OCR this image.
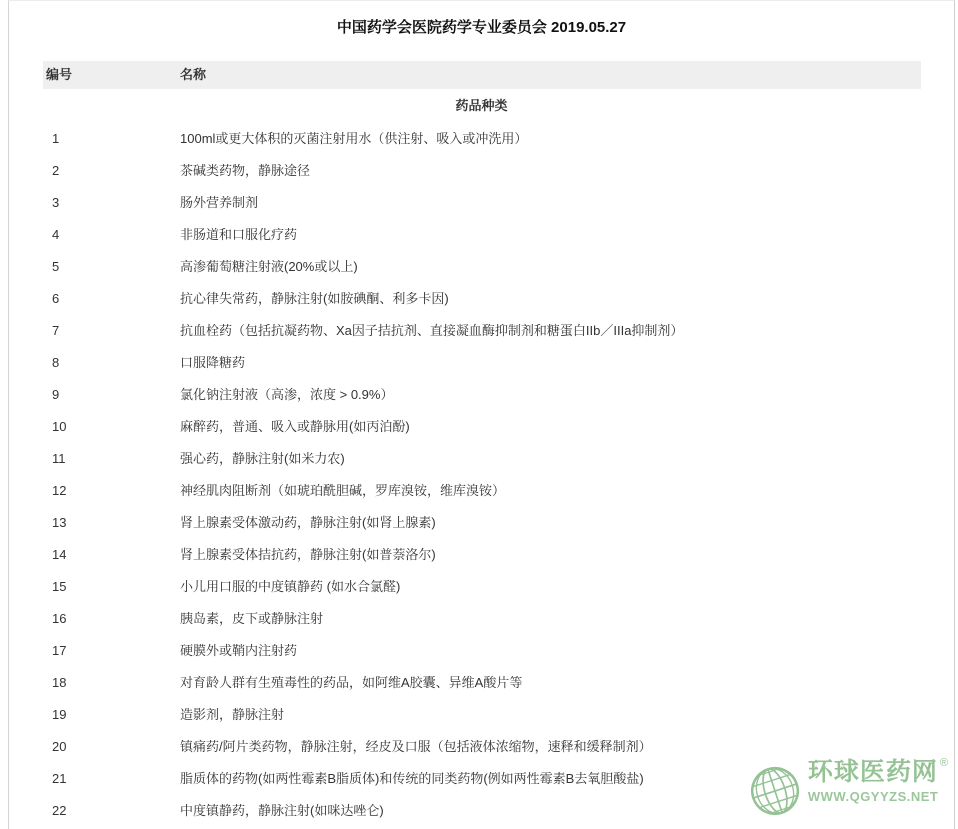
中国药学会医院药学专业委员会 2019.05.27
编号	名称
药品种类
1	100ml或更大体积的灭菌注射用水（供注射、吸入或冲洗用）
2	茶碱类药物，静脉途径
3	肠外营养制剂
4	非肠道和口服化疗药
5	高渗葡萄糖注射液(20%或以上)
6	抗心律失常药，静脉注射(如胺碘酮、利多卡因)
7	抗血栓药（包括抗凝药物、Xa因子拮抗剂、直接凝血酶抑制剂和糖蛋白IIb／IIIa抑制剂）
8	口服降糖药
9	氯化钠注射液（高渗，浓度 > 0.9%）
10	麻醉药，普通、吸入或静脉用(如丙泊酚)
11	强心药，静脉注射(如米力农)
12	神经肌肉阻断剂（如琥珀酰胆碱，罗库溴铵，维库溴铵）
13	肾上腺素受体激动药，静脉注射(如肾上腺素)
14	肾上腺素受体拮抗药，静脉注射(如普萘洛尔)
15	小儿用口服的中度镇静药 (如水合氯醛)
16	胰岛素，皮下或静脉注射
17	硬膜外或鞘内注射药
18	对育龄人群有生殖毒性的药品，如阿维A胶囊、异维A酸片等
19	造影剂，静脉注射
20	镇痛药/阿片类药物，静脉注射，经皮及口服（包括液体浓缩物，速释和缓释制剂）
21	脂质体的药物(如两性霉素B脂质体)和传统的同类药物(例如两性霉素B去氧胆酸盐)
22	中度镇静药，静脉注射(如咪达唑仑)
环球医药网 ®
WWW.QGYYZS.NET
